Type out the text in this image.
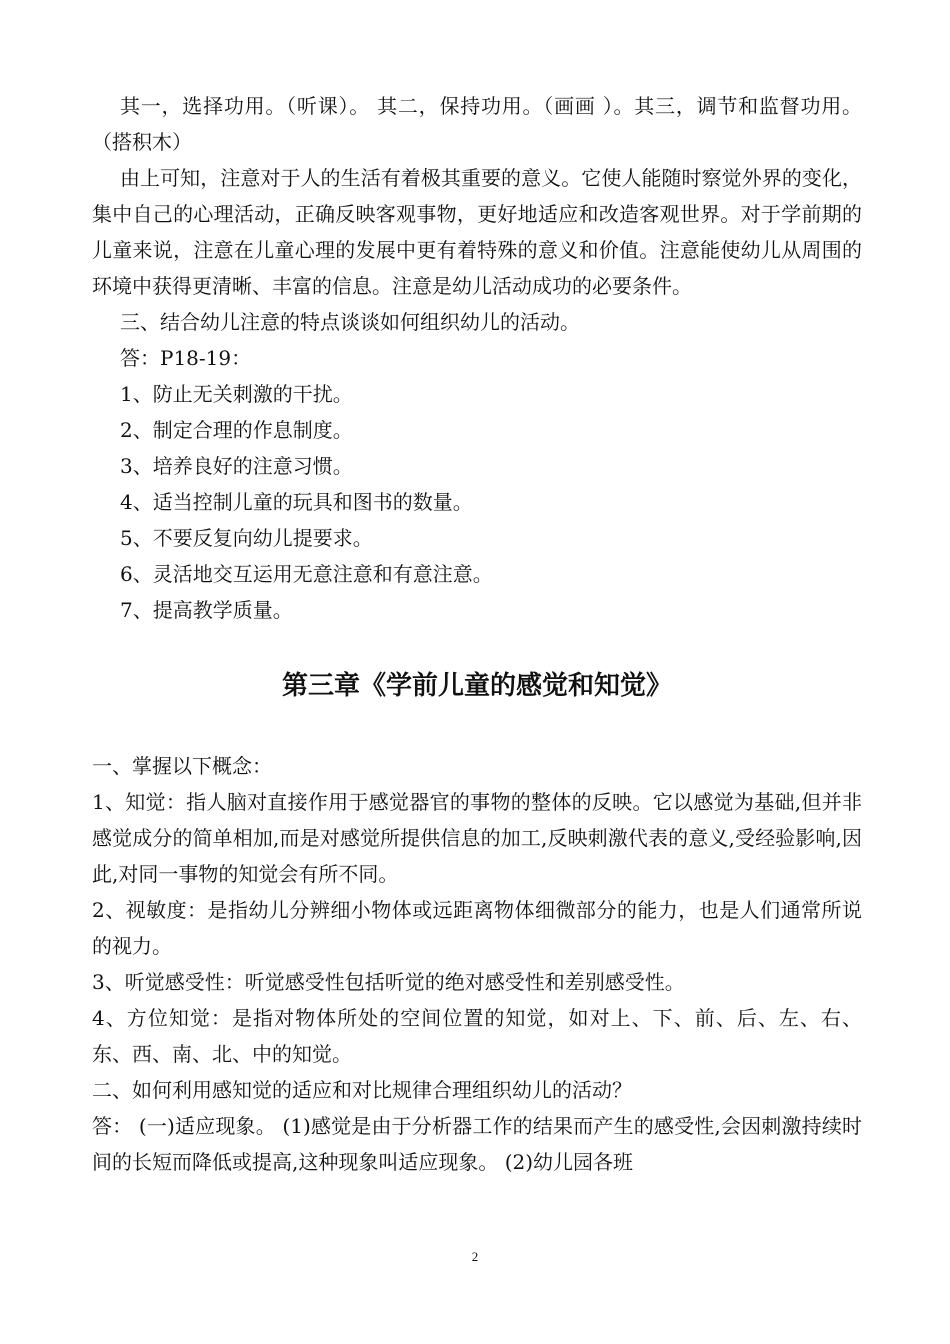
其一，选择功用。（听课）。 其二，保持功用。（画画 ）。其三，调节和监督功用。（搭积木）

由上可知，注意对于人的生活有着极其重要的意义。它使人能随时察觉外界的变化，集中自己的心理活动，正确反映客观事物，更好地适应和改造客观世界。对于学前期的儿童来说，注意在儿童心理的发展中更有着特殊的意义和价值。注意能使幼儿从周围的环境中获得更清晰、丰富的信息。注意是幼儿活动成功的必要条件。

三、结合幼儿注意的特点谈谈如何组织幼儿的活动。

答：P18-19：

1、防止无关刺激的干扰。

2、制定合理的作息制度。

3、培养良好的注意习惯。

4、适当控制儿童的玩具和图书的数量。

5、不要反复向幼儿提要求。

6、灵活地交互运用无意注意和有意注意。

7、提高教学质量。

第三章《学前儿童的感觉和知觉》

一、掌握以下概念：

1、知觉：指人脑对直接作用于感觉器官的事物的整体的反映。它以感觉为基础,但并非感觉成分的简单相加,而是对感觉所提供信息的加工,反映刺激代表的意义,受经验影响,因此,对同一事物的知觉会有所不同。

2、视敏度：是指幼儿分辨细小物体或远距离物体细微部分的能力，也是人们通常所说的视力。

3、听觉感受性：听觉感受性包括听觉的绝对感受性和差别感受性。

4、方位知觉：是指对物体所处的空间位置的知觉，如对上、下、前、后、左、右、东、西、南、北、中的知觉。

二、如何利用感知觉的适应和对比规律合理组织幼儿的活动？

答： (一)适应现象。 (1)感觉是由于分析器工作的结果而产生的感受性,会因刺激持续时间的长短而降低或提高,这种现象叫适应现象。 (2)幼儿园各班

2
